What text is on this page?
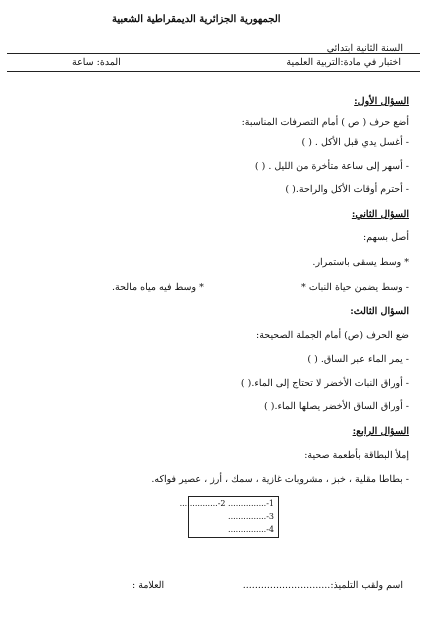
الجمهورية الجزائرية الديمقراطية الشعبية
السنة الثانية ابتدائي
اختبار في مادة:التربية العلمية
المدة: ساعة
السؤال الأول:
أضع حرف ( ص ) أمام التصرفات المناسبة:
- أغسل يدي قبل الأكل . ( )
- أسهر إلى ساعة متأخرة من الليل . ( )
- أحترم أوقات الأكل والراحة.( )
السؤال الثاني:
أصل بسهم:
* وسط يسقى باستمرار.
- وسط يضمن حياة النبات *
* وسط فيه مياه مالحة.
السؤال الثالث:
ضع الحرف (ص) أمام الجملة الصحيحة:
- يمر الماء عبر الساق. ( )
- أوراق النبات الأخضر لا تحتاج إلى الماء.( )
- أوراق الساق الأخضر يصلها الماء.( )
السؤال الرابع:
إملأ البطاقة بأطعمة صحية:
- بطاطا مقلية ، خبز ، مشروبات غازية ، سمك ، أرز ، عصير فواكه.
1-............... 2-...............
3-...............
4-...............
اسم ولقب التلميذ:.............................
العلامة :
